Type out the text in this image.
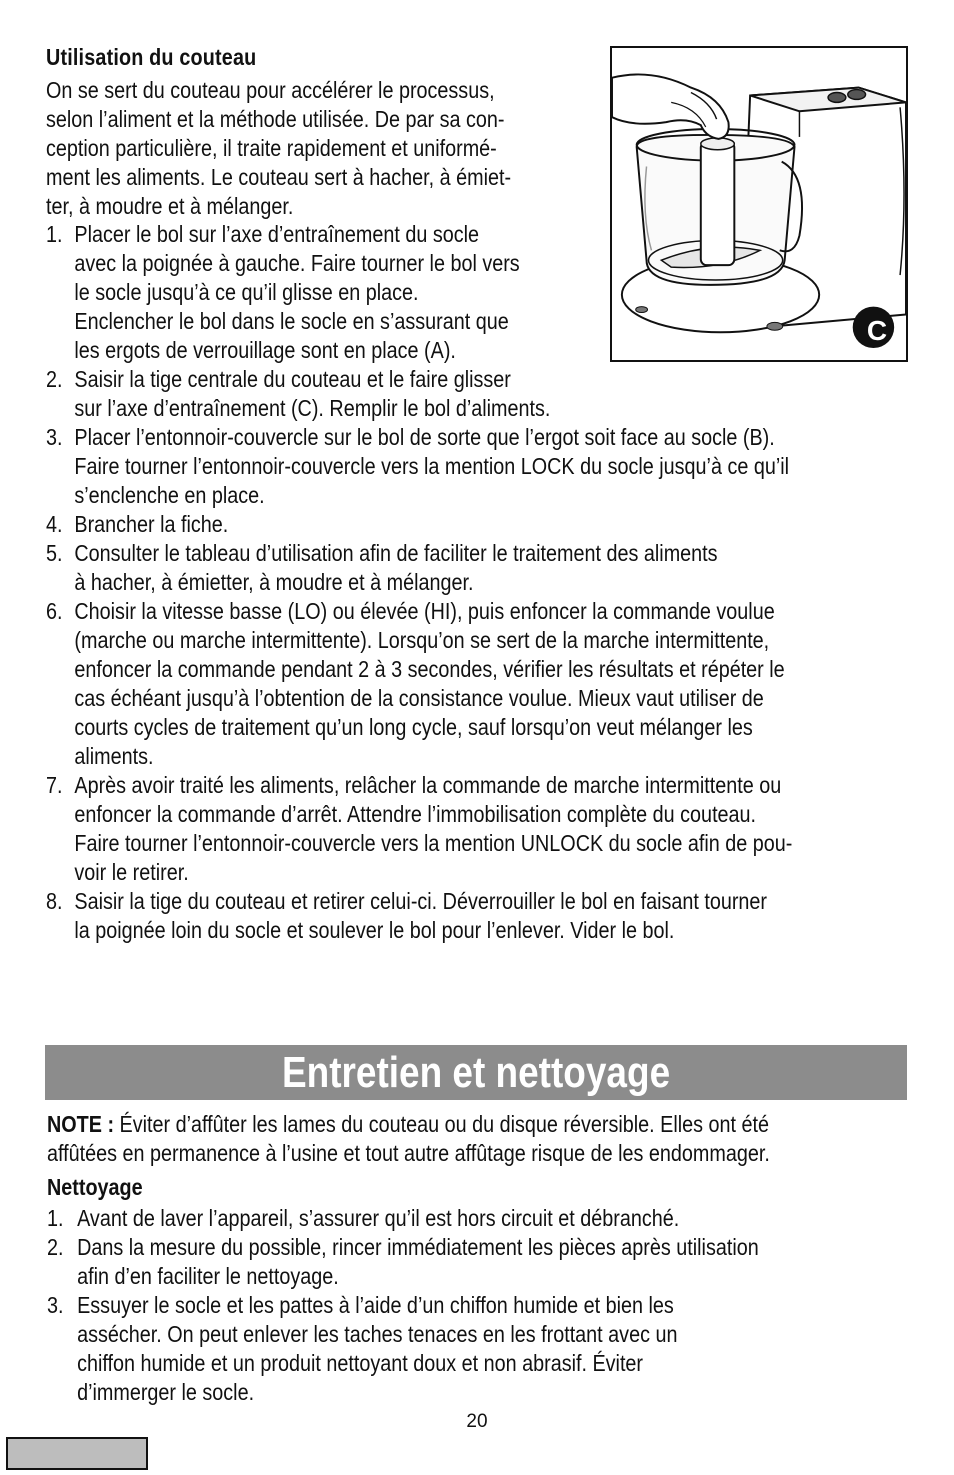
Utilisation du couteau
On se sert du couteau pour accélérer le processus,
selon l’aliment et la méthode utilisée. De par sa con-
ception particulière, il traite rapidement et uniformé-
ment les aliments. Le couteau sert à hacher, à émiet-
ter, à moudre et à mélanger.
C
1. Placer le bol sur l’axe d’entraînement du socle
avec la poignée à gauche. Faire tourner le bol vers
le socle jusqu’à ce qu’il glisse en place.
Enclencher le bol dans le socle en s’assurant que
les ergots de verrouillage sont en place (A).
2. Saisir la tige centrale du couteau et le faire glisser
sur l’axe d’entraînement (C). Remplir le bol d’aliments.
3. Placer l’entonnoir-couvercle sur le bol de sorte que l’ergot soit face au socle (B).
Faire tourner l’entonnoir-couvercle vers la mention LOCK du socle jusqu’à ce qu’il
s’enclenche en place.
4. Brancher la fiche.
5. Consulter le tableau d’utilisation afin de faciliter le traitement des aliments
à hacher, à émietter, à moudre et à mélanger.
6. Choisir la vitesse basse (LO) ou élevée (HI), puis enfoncer la commande voulue
(marche ou marche intermittente). Lorsqu’on se sert de la marche intermittente,
enfoncer la commande pendant 2 à 3 secondes, vérifier les résultats et répéter le
cas échéant jusqu’à l’obtention de la consistance voulue. Mieux vaut utiliser de
courts cycles de traitement qu’un long cycle, sauf lorsqu’on veut mélanger les
aliments.
7. Après avoir traité les aliments, relâcher la commande de marche intermittente ou
enfoncer la commande d’arrêt. Attendre l’immobilisation complète du couteau.
Faire tourner l’entonnoir-couvercle vers la mention UNLOCK du socle afin de pou-
voir le retirer.
8. Saisir la tige du couteau et retirer celui-ci. Déverrouiller le bol en faisant tourner
la poignée loin du socle et soulever le bol pour l’enlever. Vider le bol.
Entretien et nettoyage
NOTE : Éviter d’affûter les lames du couteau ou du disque réversible. Elles ont été
affûtées en permanence à l’usine et tout autre affûtage risque de les endommager.
Nettoyage
1. Avant de laver l’appareil, s’assurer qu’il est hors circuit et débranché.
2. Dans la mesure du possible, rincer immédiatement les pièces après utilisation
afin d’en faciliter le nettoyage.
3. Essuyer le socle et les pattes à l’aide d’un chiffon humide et bien les
assécher. On peut enlever les taches tenaces en les frottant avec un
chiffon humide et un produit nettoyant doux et non abrasif. Éviter
d’immerger le socle.
20
